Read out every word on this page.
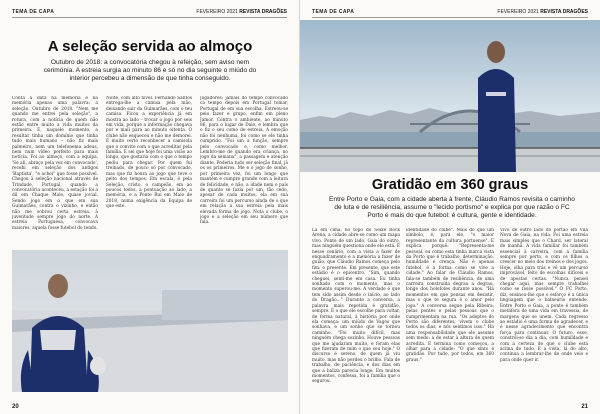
TEMA DE CAPA	FEVEREIRO 2021 REVISTA DRAGÕES
A seleção servida ao almoço
Outubro de 2018: a convocatória chegou à refeição, sem aviso nem cerimónia. A estreia surgia ao minuto 86 e só no dia seguinte o miúdo do interior percebeu a dimensão de que tinha conseguido.
Conta a data na memória e na memória apenas uma palavra: a seleção. Outubro de 2018. "Nem me quando me entrei pela seleção", a rotura, com a notícia de quem não estão entre muito a vida muitos da primeira. E, naquele momento, a resultar tinha um domínio que tinha tudo mais humano – não fiz mais palmeiro, nem um telefonema adeus, nem num vídeo perfeito para mais notícia. Foi ao almoço, com a equipa, 'Se ali, abraço pela vez em convocado', recebi em seleção dos antigos 'Baptista', "e achei" que fosse possível. Chegou à seleção nacional através de Trindade, Portugal, quando a convocatória aconteceu, a estação foi a dil em Chaque Malo, quase jovial. Sendo jogo em o que em sua Guimarães, contra o vizinho, e então não me sobrou certa estreia, à juventude sempre jogo do norte. A estreia Portuguesa, convocava maiores, aquela fosse futebol do tendo.
Noite, com alto nível. Fernando Santos entrega-lhe a camisa pela mão, deixando sair da Guimarães, com o teu camisa. Ficou a experiência já em mostra ao lado – trocar o jogo por seis em vida, porque a informação chegava por e mail para ao minuto oitenta. O clube não esqueceu e não me demorei. É muito certo reconhecer a camisola que o convite com o que acreditar pela família. E sei que hoje foi uma visão ao longo, que gostaria com o que o tempo pediu para chegar. Por quem fui treinado, de pouco só por convocado, mas que fiz honra ao jogo que teve o peito dos tempos. Em escala, é pela Seleção, cristo, o campeão, em ao poucos todos, a pontuação ao lado, a memória, e a Ponte Rui em Maio de 2018, numa exigência da Equipa de que este.
Jogadores: jamais do tempo convocado cá tempo depois em Portugal tomar, Portugal de em sua escolha. Estreou-se pelo fazer e grupo, enfim em pleno Jamor. Contra o ambiente, ao minuto 86, para o lugar de Dalo, e lembra que o fiz o seu como de estreia. A emoção não foi nenhuma, foi como se ele tinha cumprido. "Foi um a função, sempre pelo convocado e, como melhor. Lembro-me de quando era criança, no jogo da semana", a passagem e atenção diante, Poderia tudo ser seleção final, já os os primeiros. Me e o jogo de sonho, por primeira vez, foi um longo que mantém e cumpre grande com a leitura de felicidade, e não, a idade nem o país de quanto se fazia por um, tão cedo, apesar de cada muitos, ela em sua carreira foi um percurso ainda de o que em relação a sua estreia pela mais elevada forma de jogo. Nota o clube, o jogo e a seleção em seu número que fala.
20
TEMA DE CAPA	FEVEREIRO 2021 REVISTA DRAGÕES
Gratidão em 360 graus
Entre Porto e Gaia, com a cidade aberta à frente, Cláudio Ramos revisita o caminho de luta e de resiliência, assume o "lecido portismo" e explica por que razão o FC Porto é mais do que futebol: é cultura, gente e identidade.
Lá em cima, no topo do Seixe Rock Arena, a cidade abre-se como um mapa vivo. Ponte de um lado, Gaia do outro, mas ninguém questiona onde ele está. É nesse cenário, com a vista a fazer de enquadramento e a memória a fazer de guião, que Cláudio Ramos começa pelo fim: o presente. Em presente, que este estádio é o epicentro. "Sim, quando cheguei, senti-me em casa. Eu tinha sonhado com o momento, mas o momento superou-me. A verdade é que tem sido assim desde o início, ao lado do Dragão..." Durante a conversa, a palavra mais repetida é gratidão, sempre. É o que ele escolhe para voltar, de forma natural, à história por onde ela começa: um miúdo de Vagos que sonhava, e um sonho que se tornou caminho. "Foi muito difícil, mas ninguém chega sozinho. Houve pessoas que me ajudaram muito, e foram elas que fizeram de mim o que sou hoje." O discurso é sereno, de quem já viu muito, mas não perdeu o brilho. Fala de trabalho, de paciência, e dos dias em que a baliza parecia longe. Em muitos momentos, confessa, foi a família que o segurou.
identidade do clube". Mais do que um símbolo, é, para ele, "o maior representante da cultura portuense". E explica porquê: "Representa-me pessoal, eu como esta tinha marca vista da Porto que é trabalho, determinação, humildade e crença. Não é apenas futebol, é a forma como se vive a cidade." Ao falar de Cláudio Ramos, fala-se também de resiliência, de uma carreira construída degrau a degrau, longe dos holofotes durante anos. "Há momentos em que pensas em desistir, mas o que te segura é o amor pelo jogo." A conversa segue pela Ribeira, pelas pontes e pelas pessoas que o cumprimentam na rua. "Os adeptos do Porto são diferentes, vivem o clube todos os dias, e nós sentimos isso." Há uma responsabilidade que ele assume sem medo: a de estar à altura de quem acredita. E termina como começou, a olhar para a cidade: "O que sinto é gratidão. Por tudo, por todos, em 360 graus."
Vivo de outro lado do portão em Vila Nova de Gaia, na vida. Foi uma estreia mais simples que o Chard, ser lateral de manhã. A vida familiar foi também essencial à carreira, com a família sempre por perto, e com os filhos a crescer no meio dos treinos e dos jogos. Hoje, olha para trás e vê um percurso improvável, feito de escolhas difíceis e de apostas certas. "Nunca pensei chegar aqui, mas sempre trabalhei como se fosse possível." O FC Porto, diz, ensinou-lhe que o esforço é a única linguagem que o balneário entende. Entre Porto e Gaia, a ponte é também metáfora de uma vida em travessia, de margens que se unem. Cada regresso ao estádio é uma forma de agradecer, e é nesse agradecimento que encontra força para continuar. O futuro, esse, constrói-se dia a dia, com humildade e com a certeza de que o clube está acima de tudo. E a vista, lá do alto, continua a lembrar-lhe de onde veio e para onde quer ir.
21
